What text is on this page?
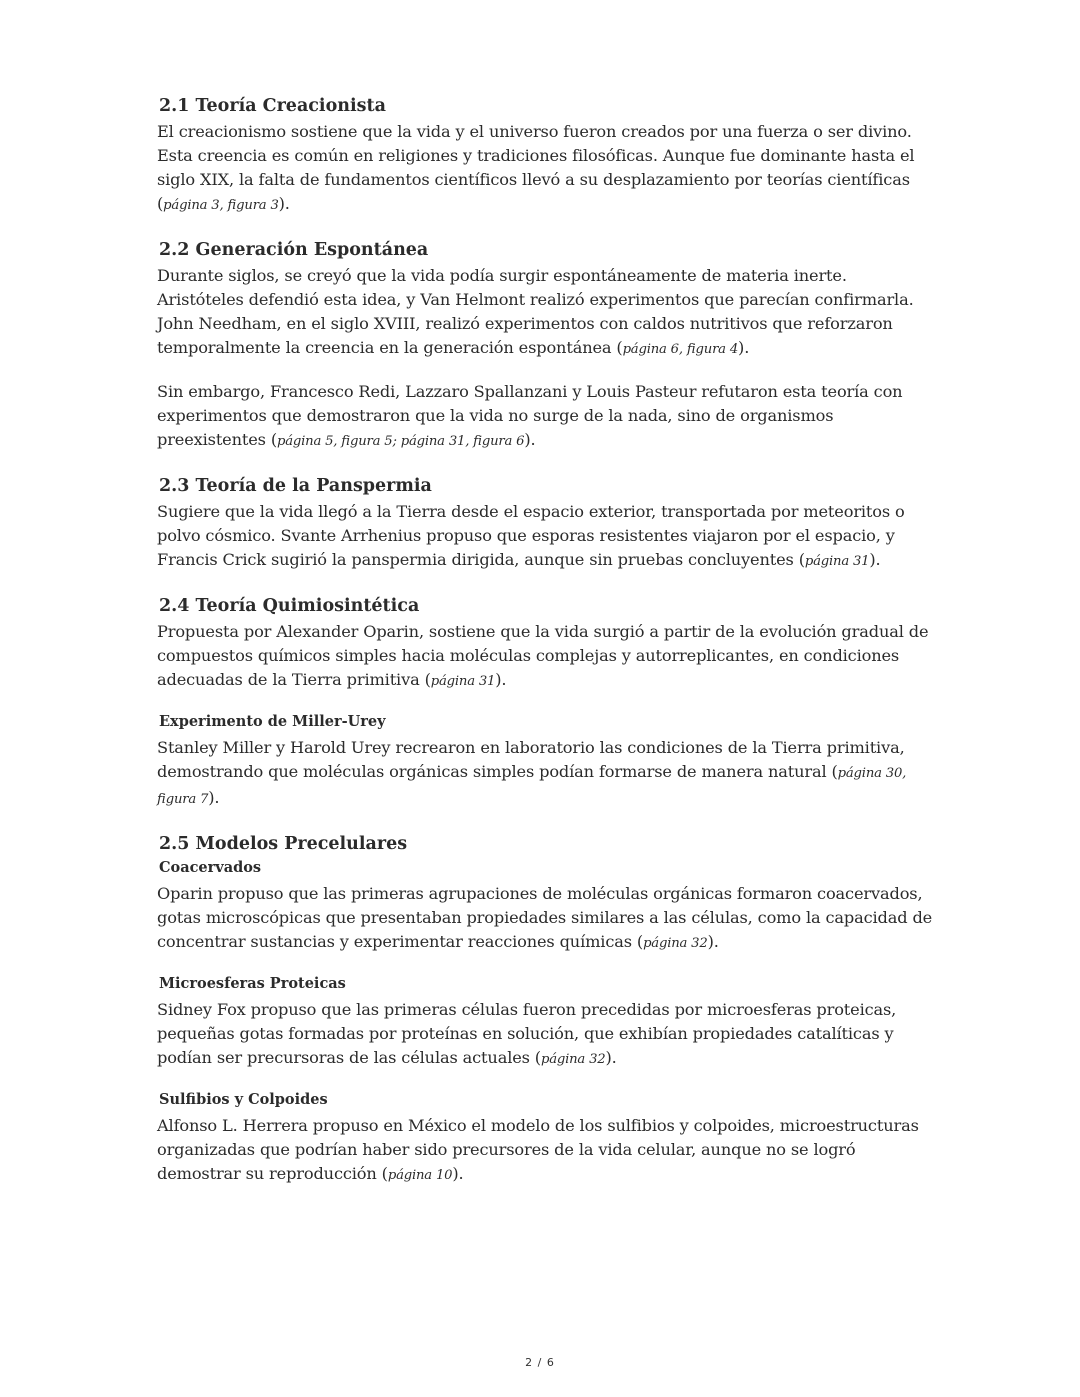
2.1 Teoría Creacionista

El creacionismo sostiene que la vida y el universo fueron creados por una fuerza o ser divino. Esta creencia es común en religiones y tradiciones filosóficas. Aunque fue dominante hasta el siglo XIX, la falta de fundamentos científicos llevó a su desplazamiento por teorías científicas (página 3, figura 3).

2.2 Generación Espontánea

Durante siglos, se creyó que la vida podía surgir espontáneamente de materia inerte. Aristóteles defendió esta idea, y Van Helmont realizó experimentos que parecían confirmarla. John Needham, en el siglo XVIII, realizó experimentos con caldos nutritivos que reforzaron temporalmente la creencia en la generación espontánea (página 6, figura 4).

Sin embargo, Francesco Redi, Lazzaro Spallanzani y Louis Pasteur refutaron esta teoría con experimentos que demostraron que la vida no surge de la nada, sino de organismos preexistentes (página 5, figura 5; página 31, figura 6).

2.3 Teoría de la Panspermia

Sugiere que la vida llegó a la Tierra desde el espacio exterior, transportada por meteoritos o polvo cósmico. Svante Arrhenius propuso que esporas resistentes viajaron por el espacio, y Francis Crick sugirió la panspermia dirigida, aunque sin pruebas concluyentes (página 31).

2.4 Teoría Quimiosintética

Propuesta por Alexander Oparin, sostiene que la vida surgió a partir de la evolución gradual de compuestos químicos simples hacia moléculas complejas y autorreplicantes, en condiciones adecuadas de la Tierra primitiva (página 31).

Experimento de Miller-Urey

Stanley Miller y Harold Urey recrearon en laboratorio las condiciones de la Tierra primitiva, demostrando que moléculas orgánicas simples podían formarse de manera natural (página 30, figura 7).

2.5 Modelos Precelulares
Coacervados

Oparin propuso que las primeras agrupaciones de moléculas orgánicas formaron coacervados, gotas microscópicas que presentaban propiedades similares a las células, como la capacidad de concentrar sustancias y experimentar reacciones químicas (página 32).

Microesferas Proteicas

Sidney Fox propuso que las primeras células fueron precedidas por microesferas proteicas, pequeñas gotas formadas por proteínas en solución, que exhibían propiedades catalíticas y podían ser precursoras de las células actuales (página 32).

Sulfibios y Colpoides

Alfonso L. Herrera propuso en México el modelo de los sulfibios y colpoides, microestructuras organizadas que podrían haber sido precursores de la vida celular, aunque no se logró demostrar su reproducción (página 10).

2 / 6
